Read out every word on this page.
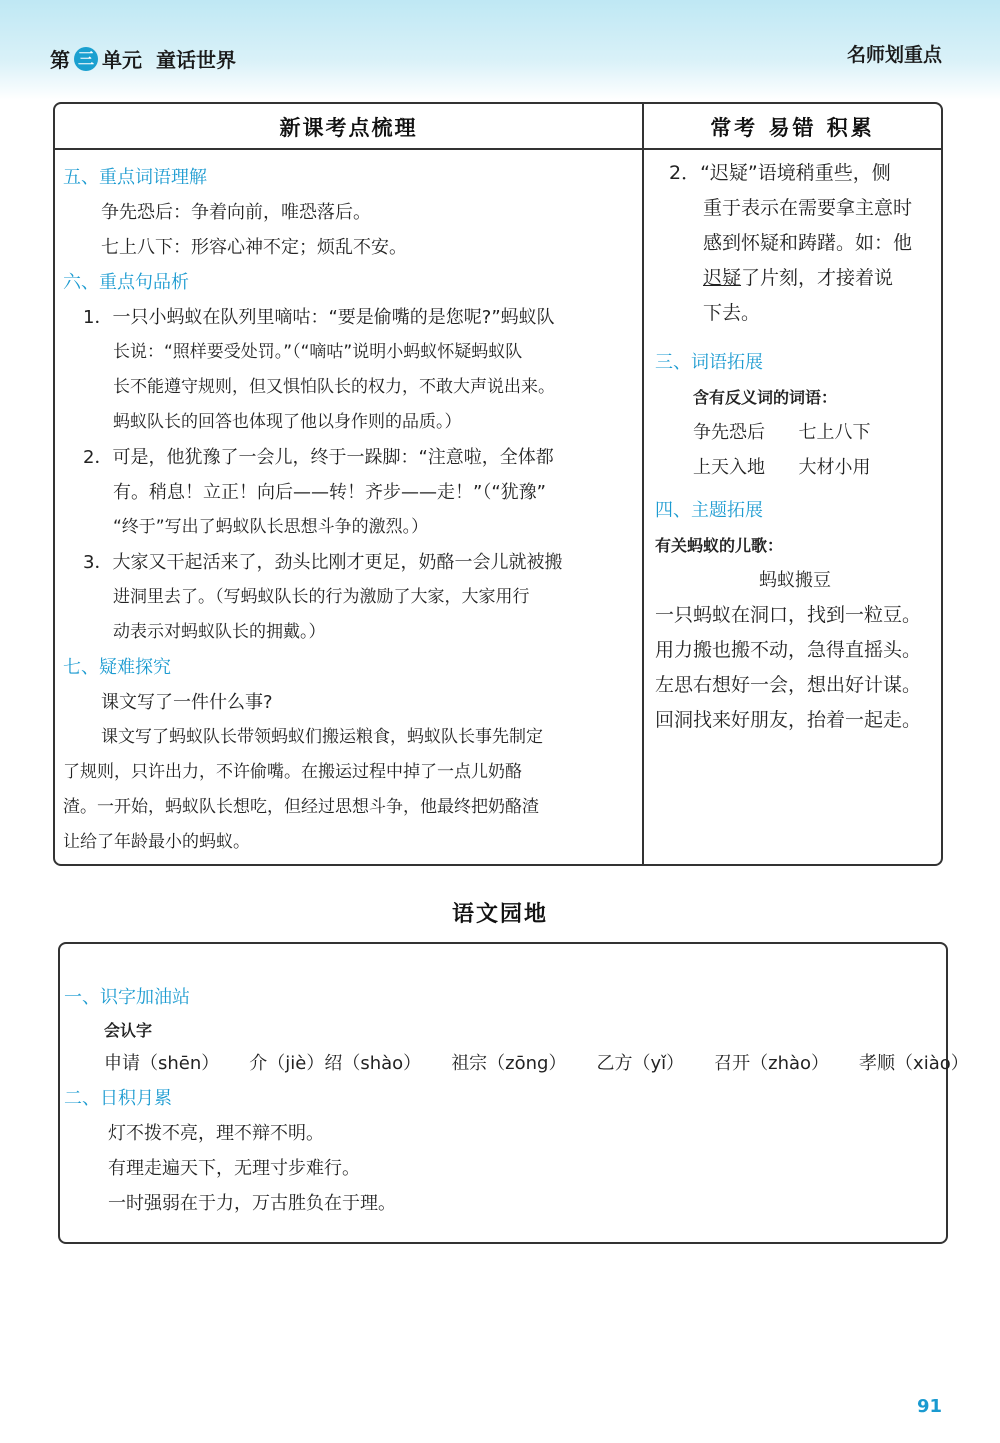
第 三 单元 童话世界	名师划重点
新课考点梳理	常考 易错 积累
五、重点词语理解
争先恐后：争着向前，唯恐落后。
七上八下：形容心神不定；烦乱不安。
六、重点句品析
1．一只小蚂蚁在队列里嘀咕：“要是偷嘴的是您呢?”蚂蚁队
长说：“照样要受处罚。”（“嘀咕”说明小蚂蚁怀疑蚂蚁队
长不能遵守规则，但又惧怕队长的权力，不敢大声说出来。
蚂蚁队长的回答也体现了他以身作则的品质。）
2．可是，他犹豫了一会儿，终于一跺脚：“注意啦，全体都
有。稍息！立正！向后——转！齐步——走！”（“犹豫”
“终于”写出了蚂蚁队长思想斗争的激烈。）
3．大家又干起活来了，劲头比刚才更足，奶酪一会儿就被搬
进洞里去了。（写蚂蚁队长的行为激励了大家，大家用行
动表示对蚂蚁队长的拥戴。）
七、疑难探究
课文写了一件什么事?
课文写了蚂蚁队长带领蚂蚁们搬运粮食，蚂蚁队长事先制定
了规则，只许出力，不许偷嘴。在搬运过程中掉了一点儿奶酪
渣。一开始，蚂蚁队长想吃，但经过思想斗争，他最终把奶酪渣
让给了年龄最小的蚂蚁。
2．“迟疑”语境稍重些，侧
重于表示在需要拿主意时
感到怀疑和踌躇。如：他
迟疑了片刻，才接着说
下去。
三、词语拓展
含有反义词的词语：
争先恐后 七上八下
上天入地 大材小用
四、主题拓展
有关蚂蚁的儿歌：
蚂蚁搬豆
一只蚂蚁在洞口，找到一粒豆。
用力搬也搬不动，急得直摇头。
左思右想好一会，想出好计谋。
回洞找来好朋友，抬着一起走。
语文园地
一、识字加油站
会认字
申请（shēn） 介（jiè）绍（shào） 祖宗（zōng） 乙方（yǐ） 召开（zhào） 孝顺（xiào）
二、日积月累
灯不拨不亮，理不辩不明。
有理走遍天下，无理寸步难行。
一时强弱在于力，万古胜负在于理。
91
